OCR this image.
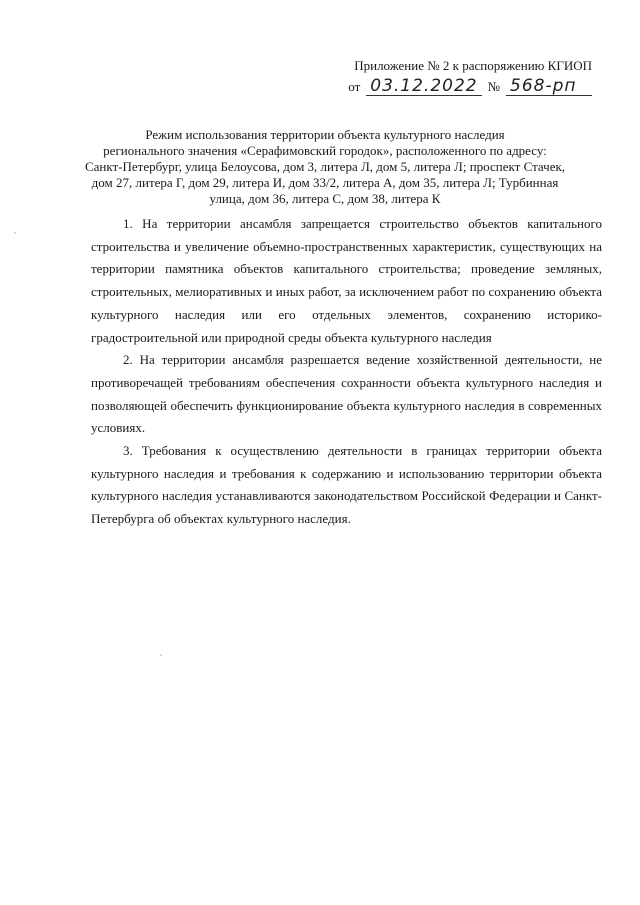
Приложение № 2 к распоряжению КГИОП
от 03.12.2022 № 568-рп
Режим использования территории объекта культурного наследия
регионального значения «Серафимовский городок», расположенного по адресу:
Санкт-Петербург, улица Белоусова, дом 3, литера Л, дом 5, литера Л; проспект Стачек,
дом 27, литера Г, дом 29, литера И, дом 33/2, литера А, дом 35, литера Л; Турбинная
улица, дом 36, литера С, дом 38, литера К

1. На территории ансамбля запрещается строительство объектов капитального строительства и увеличение объемно-пространственных характеристик, существующих на территории памятника объектов капитального строительства; проведение земляных, строительных, мелиоративных и иных работ, за исключением работ по сохранению объекта культурного наследия или его отдельных элементов, сохранению историко-градостроительной или природной среды объекта культурного наследия

2. На территории ансамбля разрешается ведение хозяйственной деятельности, не противоречащей требованиям обеспечения сохранности объекта культурного наследия и позволяющей обеспечить функционирование объекта культурного наследия в современных условиях.

3. Требования к осуществлению деятельности в границах территории объекта культурного наследия и требования к содержанию и использованию территории объекта культурного наследия устанавливаются законодательством Российской Федерации и Санкт-Петербурга об объектах культурного наследия.
